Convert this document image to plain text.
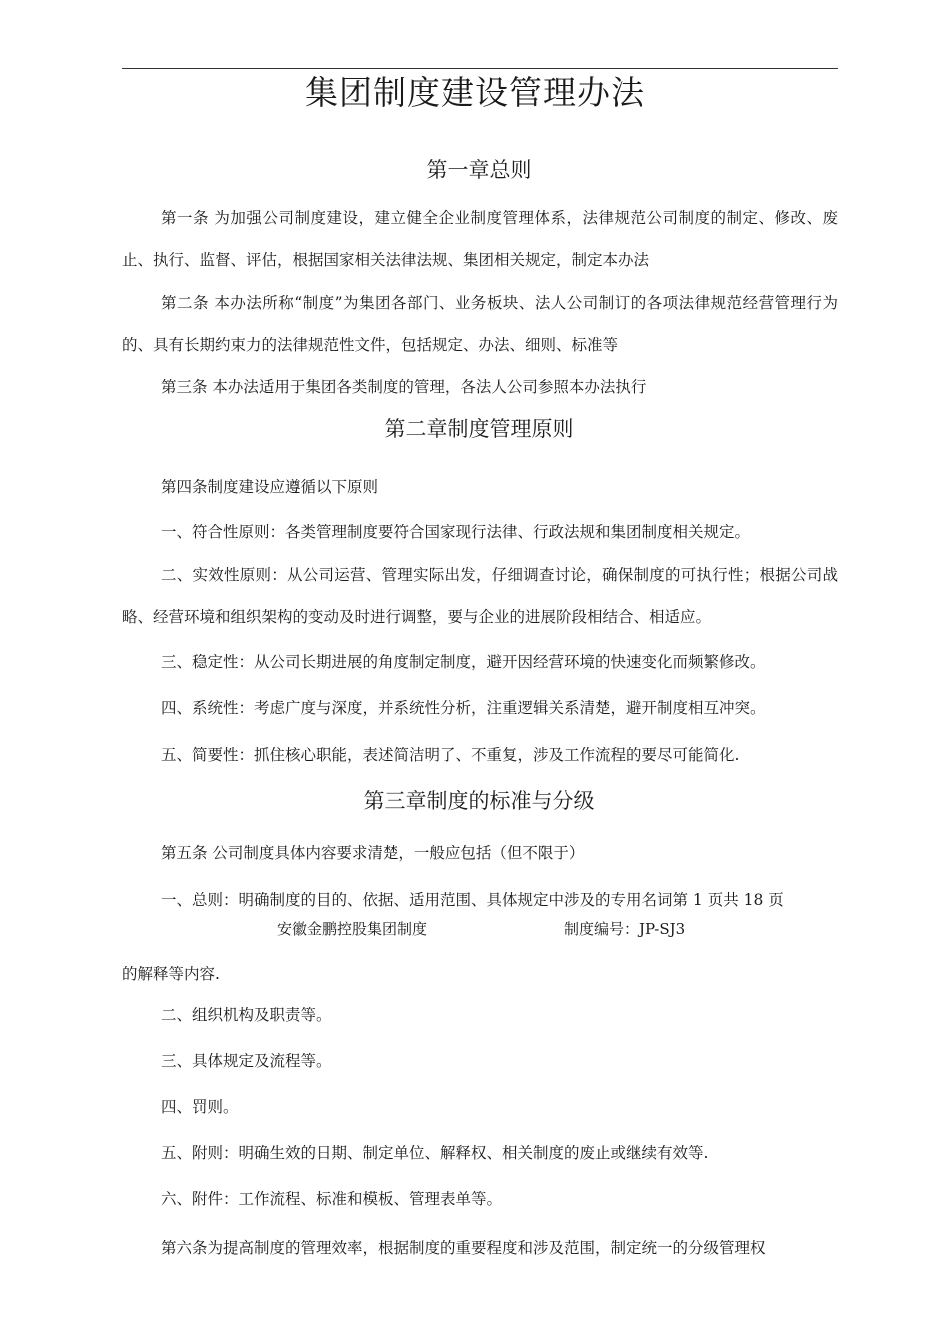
集团制度建设管理办法
第一章总则
第一条 为加强公司制度建设，建立健全企业制度管理体系，法律规范公司制度的制定、修改、废止、执行、监督、评估，根据国家相关法律法规、集团相关规定，制定本办法
第二条 本办法所称“制度”为集团各部门、业务板块、法人公司制订的各项法律规范经营管理行为的、具有长期约束力的法律规范性文件，包括规定、办法、细则、标准等
第三条 本办法适用于集团各类制度的管理，各法人公司参照本办法执行
第二章制度管理原则
第四条制度建设应遵循以下原则
一、符合性原则：各类管理制度要符合国家现行法律、行政法规和集团制度相关规定。
二、实效性原则：从公司运营、管理实际出发，仔细调查讨论，确保制度的可执行性；根据公司战略、经营环境和组织架构的变动及时进行调整，要与企业的进展阶段相结合、相适应。
三、稳定性：从公司长期进展的角度制定制度，避开因经营环境的快速变化而频繁修改。
四、系统性：考虑广度与深度，并系统性分析，注重逻辑关系清楚，避开制度相互冲突。
五、简要性：抓住核心职能，表述简洁明了、不重复，涉及工作流程的要尽可能简化.
第三章制度的标准与分级
第五条 公司制度具体内容要求清楚，一般应包括（但不限于）
一、总则：明确制度的目的、依据、适用范围、具体规定中涉及的专用名词第 1 页共 18 页
安徽金鹏控股集团制度	制度编号：JP-SJ3
的解释等内容.
二、组织机构及职责等。
三、具体规定及流程等。
四、罚则。
五、附则：明确生效的日期、制定单位、解释权、相关制度的废止或继续有效等.
六、附件：工作流程、标准和模板、管理表单等。
第六条为提高制度的管理效率，根据制度的重要程度和涉及范围，制定统一的分级管理权
